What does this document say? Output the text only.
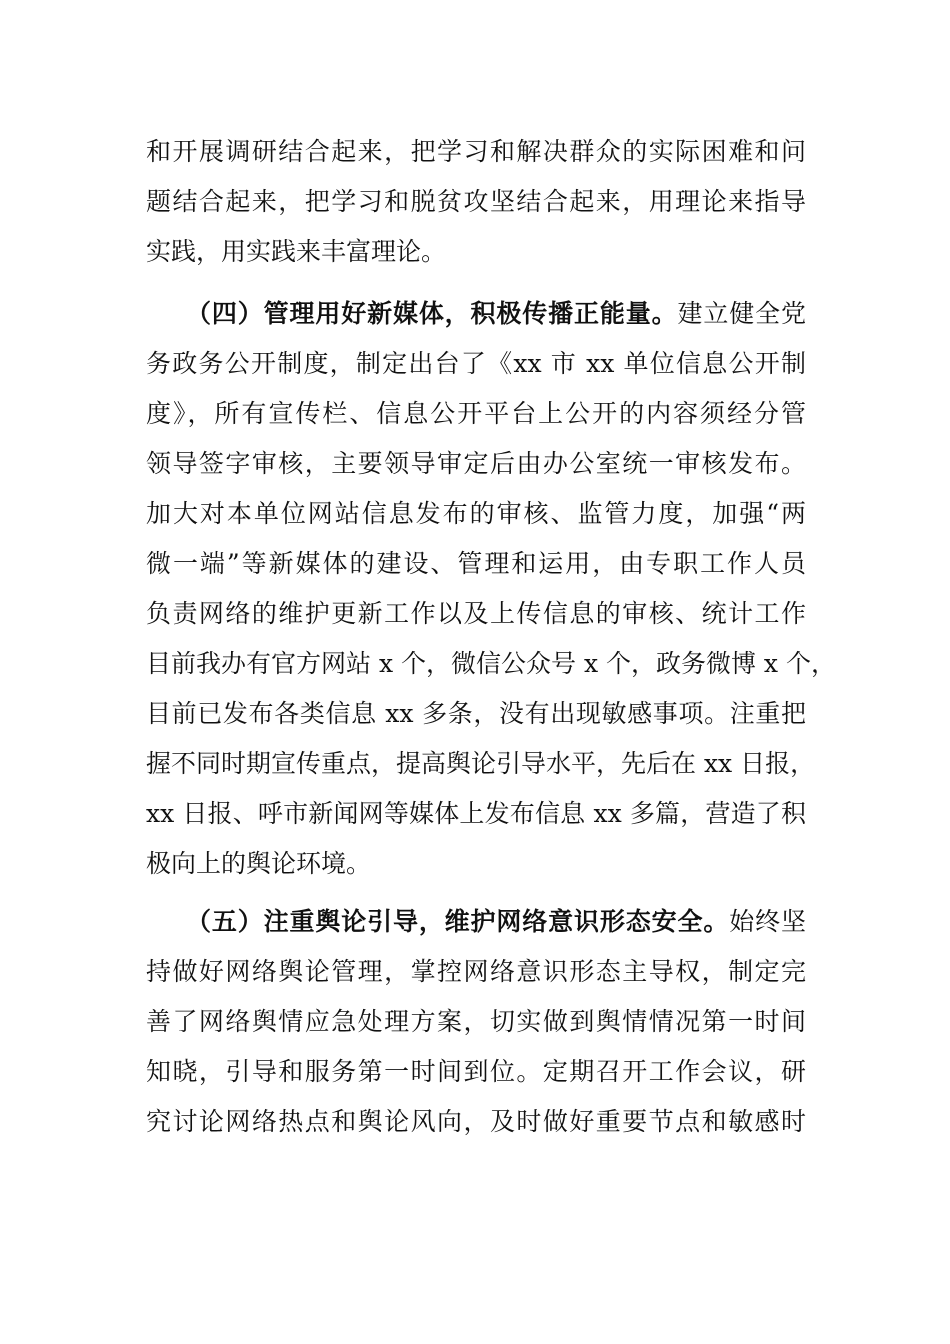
和开展调研结合起来，把学习和解决群众的实际困难和问
题结合起来，把学习和脱贫攻坚结合起来，用理论来指导
实践，用实践来丰富理论。
（四）管理用好新媒体，积极传播正能量。建立健全党
务政务公开制度，制定出台了《xx 市 xx 单位信息公开制
度》，所有宣传栏、信息公开平台上公开的内容须经分管
领导签字审核，主要领导审定后由办公室统一审核发布。
加大对本单位网站信息发布的审核、监管力度，加强“两
微一端”等新媒体的建设、管理和运用，由专职工作人员
负责网络的维护更新工作以及上传信息的审核、统计工作
目前我办有官方网站 x 个，微信公众号 x 个，政务微博 x 个，
目前已发布各类信息 xx 多条，没有出现敏感事项。注重把
握不同时期宣传重点，提高舆论引导水平，先后在 xx 日报，
xx 日报、呼市新闻网等媒体上发布信息 xx 多篇，营造了积
极向上的舆论环境。
（五）注重舆论引导，维护网络意识形态安全。始终坚
持做好网络舆论管理，掌控网络意识形态主导权，制定完
善了网络舆情应急处理方案，切实做到舆情情况第一时间
知晓，引导和服务第一时间到位。定期召开工作会议，研
究讨论网络热点和舆论风向，及时做好重要节点和敏感时
